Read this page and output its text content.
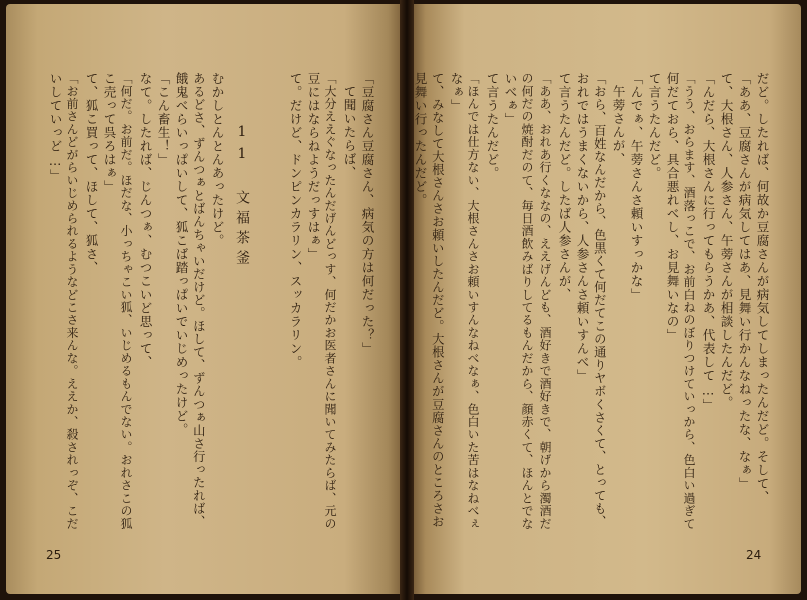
だど。したれば、何故か豆腐さんが病気してしまったんだど。そして、
「ああ、豆腐さんが病気してはあ、見舞い行かんなねったな、なぁ」
て、大根さん、人参さん、午蒡さんが相談したんだど。
「んだら、大根さんに行ってもらうかあ、代表して…」
「うう、おらます、酒落っこで、お前白ねのぼりつけていっから、色白い過ぎて
何だておら、具合悪れべし、お見舞いなの」
て言うたんだど。
「んでぁ、午蒡さんさ頼いすっかな」
午蒡さんが、
「おら、百姓なんだから、色黒くて何だてこの通りヤボくさくて、とっても、
おれではうまくないから、人参さんさ頼いすんべ」
て言うたんだど。したば人参さんが、
「ああ、おれあ行くななの、ええげんども、酒好きで酒好きで、朝げから濁酒だ
の何だの焼酎だのて、毎日酒飲みばりしてるもんだから、顔赤くて、ほんとでな
いべぁ」
て言うたんだど。
「ほんでは仕方ない、大根さんさお頼いすんなねべなぁ、色白いた苦はなねべぇ
なぁ」
て、みなして大根さんさお頼いしたんだど。大根さんが豆腐さんのところさお
見舞い行ったんだど。
24
「豆腐さん豆腐さん、病気の方は何だった？」
て聞いたらば、
「大分ええぐなったんだげんどっす、何だかお医者さんに聞いてみたらば、元の
豆にはならねようだっすはぁ」
て。だけど、ドンピンカラリン、スッカラリン。
11 文福茶釜
むかしとんとんあったけど。
あるどさ、ずんつぁとばんちゃいだけど。ほして、ずんつぁ山さ行ったれば、
餓鬼べらいっぱいして、狐こば踏っぱいでいじめったけど。
「こん畜生！」
なて。したれば、じんつぁ、むつこいど思って、
「何だ。お前だ。ほだな、小っちゃこい狐、いじめるもんでない。おれさこの狐
こ売って呉ろはぁ」
て、狐こ買って、ほして、狐さ、
「お前さんどがらいじめられるようなどこさ来んな。ええか、殺されっぞ、こだ
いしていっど…」
25
